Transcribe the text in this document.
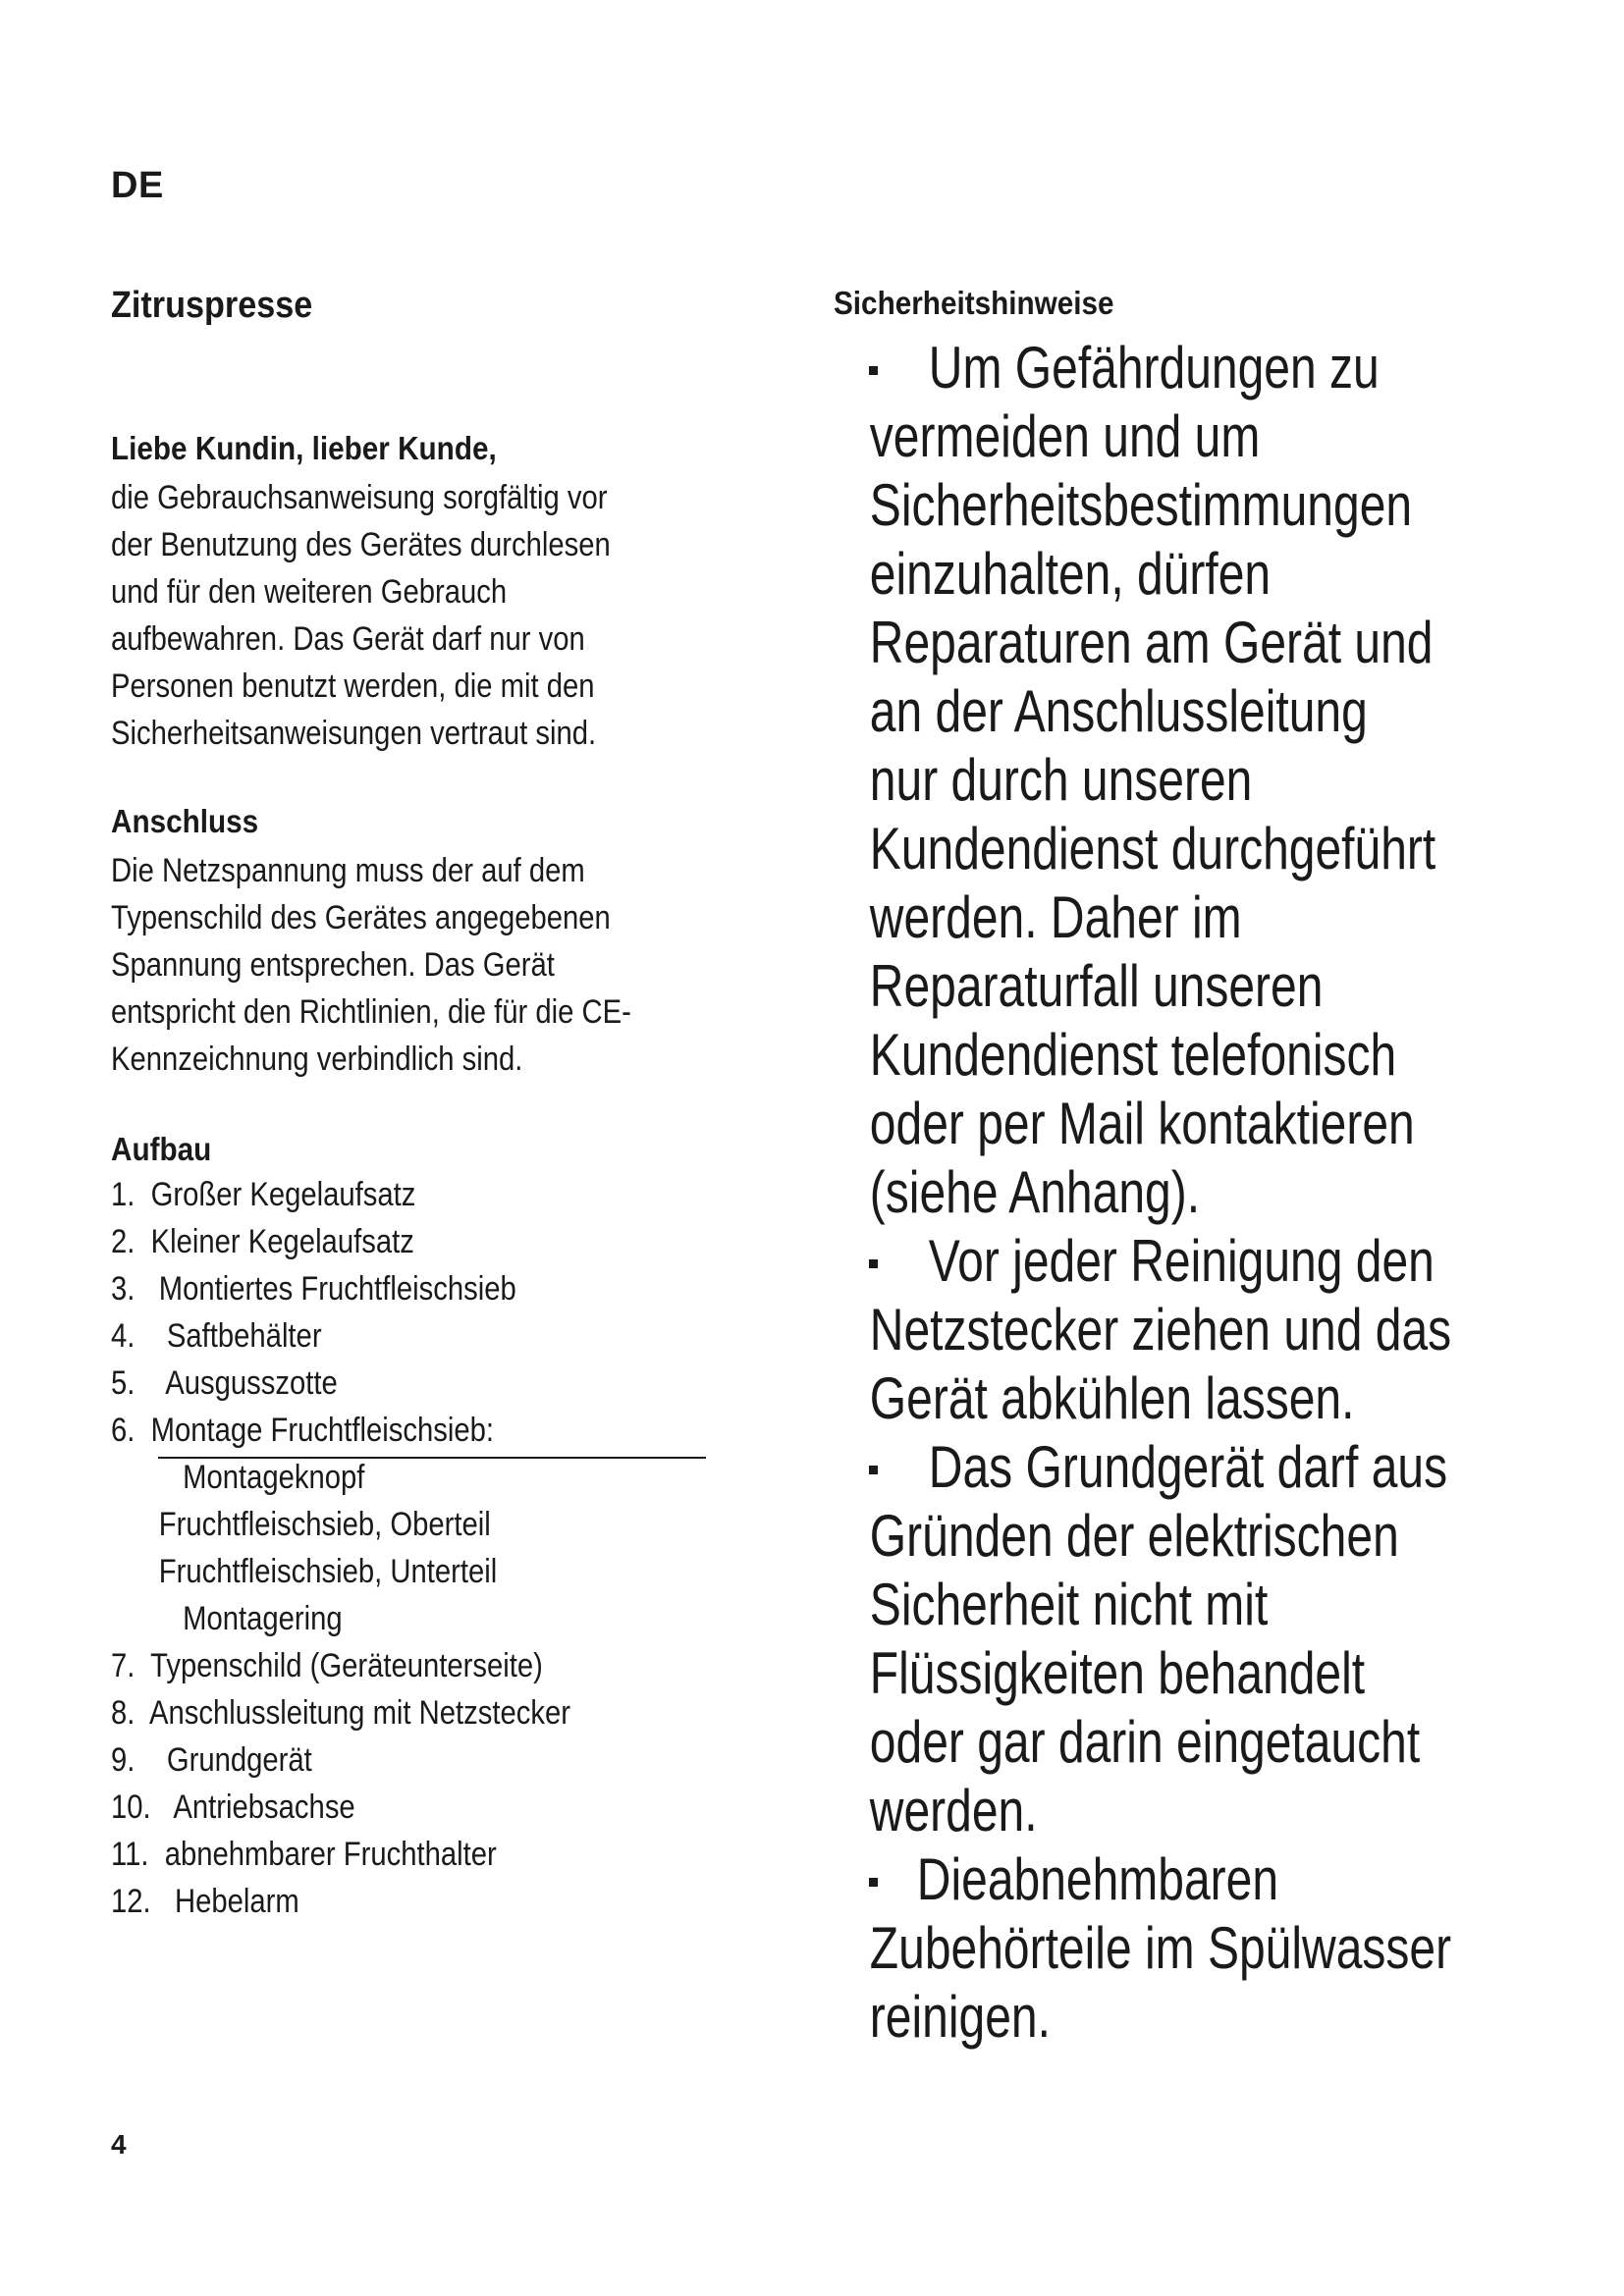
DE
Zitruspresse
Liebe Kundin, lieber Kunde,
die Gebrauchsanweisung sorgfältig vor
der Benutzung des Gerätes durchlesen
und für den weiteren Gebrauch
aufbewahren. Das Gerät darf nur von
Personen benutzt werden, die mit den
Sicherheitsanweisungen vertraut sind.
Anschluss
Die Netzspannung muss der auf dem
Typenschild des Gerätes angegebenen
Spannung entsprechen. Das Gerät
entspricht den Richtlinien, die für die CE-
Kennzeichnung verbindlich sind.
Aufbau
1.  Großer Kegelaufsatz
2.  Kleiner Kegelaufsatz
3.   Montiertes Fruchtfleischsieb
4.    Saftbehälter
5.    Ausgusszotte
6.  Montage Fruchtfleischsieb:
Montageknopf
Fruchtfleischsieb, Oberteil
Fruchtfleischsieb, Unterteil
Montagering
7.  Typenschild (Geräteunterseite)
8.  Anschlussleitung mit Netzstecker
9.    Grundgerät
10.   Antriebsachse
11.  abnehmbarer Fruchthalter
12.   Hebelarm
Sicherheitshinweise
Um Gefährdungen zu
vermeiden und um
Sicherheitsbestimmungen
einzuhalten, dürfen
Reparaturen am Gerät und
an der Anschlussleitung
nur durch unseren
Kundendienst durchgeführt
werden. Daher im
Reparaturfall unseren
Kundendienst telefonisch
oder per Mail kontaktieren
(siehe Anhang).
Vor jeder Reinigung den
Netzstecker ziehen und das
Gerät abkühlen lassen.
Das Grundgerät darf aus
Gründen der elektrischen
Sicherheit nicht mit
Flüssigkeiten behandelt
oder gar darin eingetaucht
werden.
Dieabnehmbaren
Zubehörteile im Spülwasser
reinigen.
4
